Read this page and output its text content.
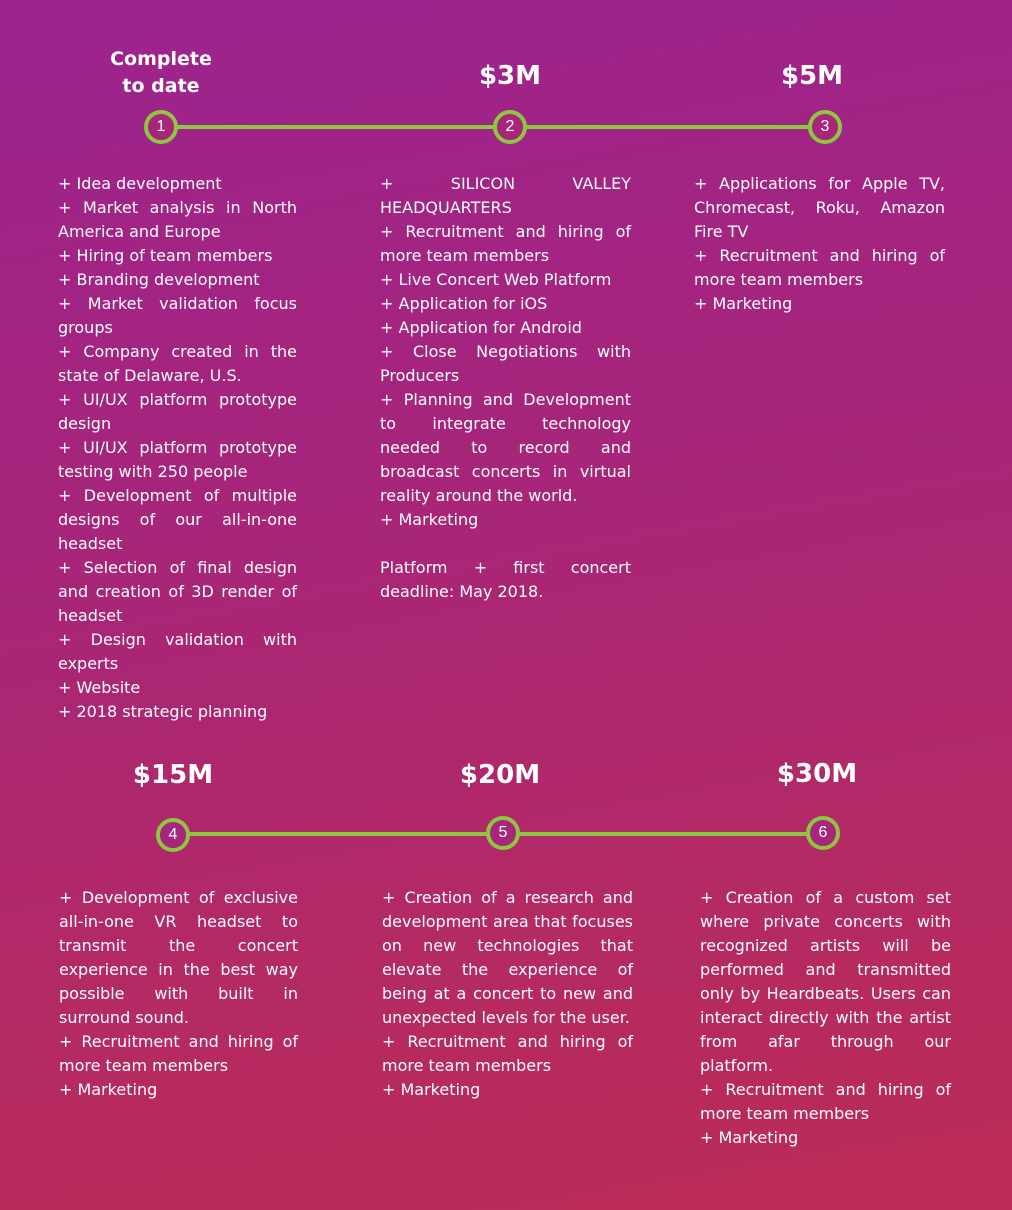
Complete
to date	$3M	$5M
1	2	3

+ Idea development

+ Market analysis in North America and Europe

+ Hiring of team members

+ Branding development

+ Market validation focus groups

+ Company created in the state of Delaware, U.S.

+ UI/UX platform prototype design

+ UI/UX platform prototype testing with 250 people

+ Development of multiple designs of our all-in-one headset

+ Selection of final design and creation of 3D render of headset

+ Design validation with experts

+ Website

+ 2018 strategic planning

+ SILICON VALLEY HEADQUARTERS

+ Recruitment and hiring of more team members

+ Live Concert Web Platform

+ Application for iOS

+ Application for Android

+ Close Negotiations with Producers

+ Planning and Development to integrate technology needed to record and broadcast concerts in virtual reality around the world.

+ Marketing

Platform + first concert deadline: May 2018.

+ Applications for Apple TV, Chromecast, Roku, Amazon Fire TV

+ Recruitment and hiring of more team members

+ Marketing

$15M	$20M	$30M
4	5	6

+ Development of exclusive all-in-one VR headset to transmit the concert experience in the best way possible with built in surround sound.

+ Recruitment and hiring of more team members

+ Marketing

+ Creation of a research and development area that focuses on new technologies that elevate the experience of being at a concert to new and unexpected levels for the user.

+ Recruitment and hiring of more team members

+ Marketing

+ Creation of a custom set where private concerts with recognized artists will be performed and transmitted only by Heardbeats. Users can interact directly with the artist from afar through our platform.

+ Recruitment and hiring of more team members

+ Marketing
